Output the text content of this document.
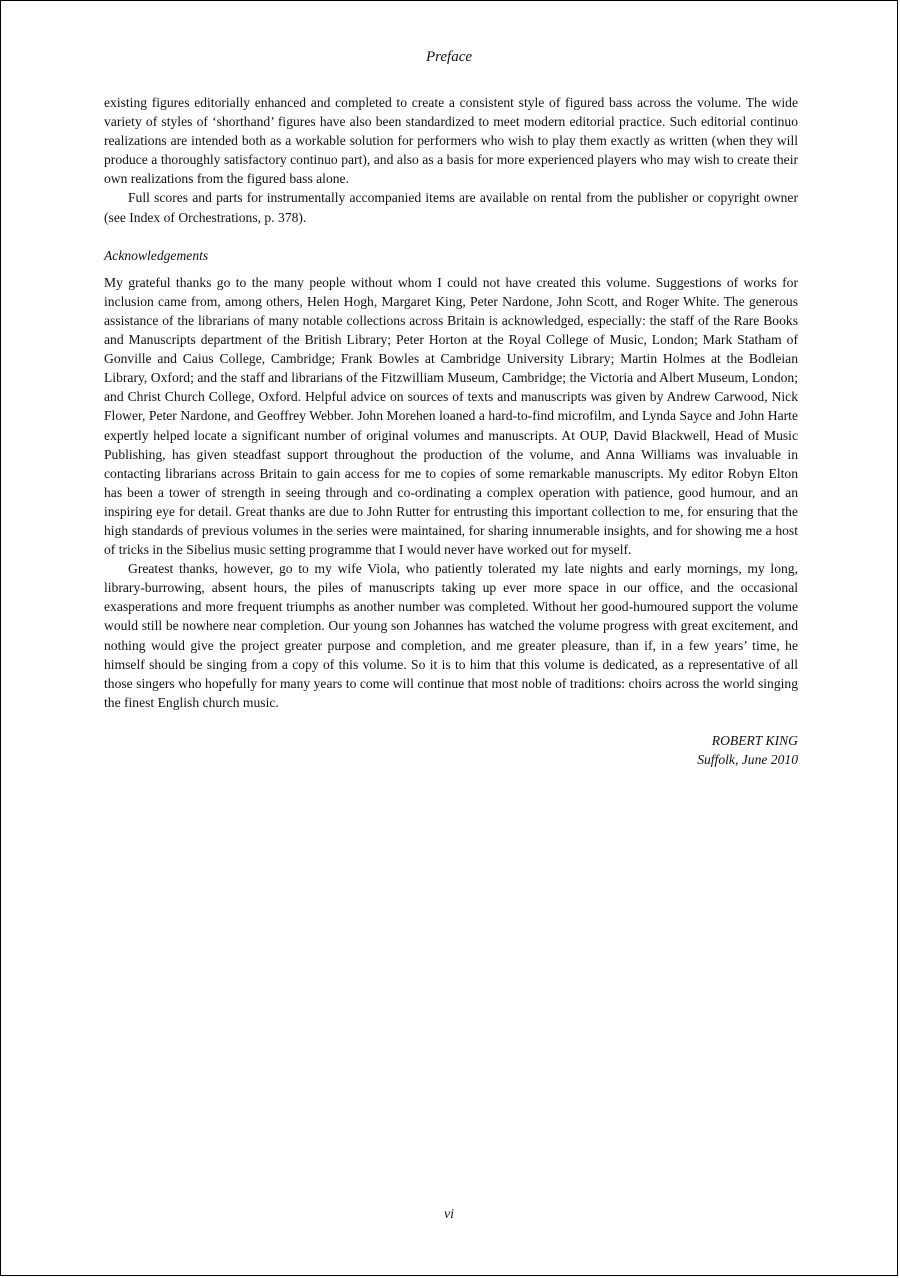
Preface

existing figures editorially enhanced and completed to create a consistent style of figured bass across the volume. The wide variety of styles of ‘shorthand’ figures have also been standardized to meet modern editorial practice. Such editorial continuo realizations are intended both as a workable solution for performers who wish to play them exactly as written (when they will produce a thoroughly satisfactory continuo part), and also as a basis for more experienced players who may wish to create their own realizations from the figured bass alone.

Full scores and parts for instrumentally accompanied items are available on rental from the publisher or copyright owner (see Index of Orchestrations, p. 378).

Acknowledgements

My grateful thanks go to the many people without whom I could not have created this volume. Suggestions of works for inclusion came from, among others, Helen Hogh, Margaret King, Peter Nardone, John Scott, and Roger White. The generous assistance of the librarians of many notable collections across Britain is acknowledged, especially: the staff of the Rare Books and Manuscripts department of the British Library; Peter Horton at the Royal College of Music, London; Mark Statham of Gonville and Caius College, Cambridge; Frank Bowles at Cambridge University Library; Martin Holmes at the Bodleian Library, Oxford; and the staff and librarians of the Fitzwilliam Museum, Cambridge; the Victoria and Albert Museum, London; and Christ Church College, Oxford. Helpful advice on sources of texts and manuscripts was given by Andrew Carwood, Nick Flower, Peter Nardone, and Geoffrey Webber. John Morehen loaned a hard-to-find microfilm, and Lynda Sayce and John Harte expertly helped locate a significant number of original volumes and manuscripts. At OUP, David Blackwell, Head of Music Publishing, has given steadfast support throughout the production of the volume, and Anna Williams was invaluable in contacting librarians across Britain to gain access for me to copies of some remarkable manuscripts. My editor Robyn Elton has been a tower of strength in seeing through and co-ordinating a complex operation with patience, good humour, and an inspiring eye for detail. Great thanks are due to John Rutter for entrusting this important collection to me, for ensuring that the high standards of previous volumes in the series were maintained, for sharing innumerable insights, and for showing me a host of tricks in the Sibelius music setting programme that I would never have worked out for myself.

Greatest thanks, however, go to my wife Viola, who patiently tolerated my late nights and early mornings, my long, library-burrowing, absent hours, the piles of manuscripts taking up ever more space in our office, and the occasional exasperations and more frequent triumphs as another number was completed. Without her good-humoured support the volume would still be nowhere near completion. Our young son Johannes has watched the volume progress with great excitement, and nothing would give the project greater purpose and completion, and me greater pleasure, than if, in a few years’ time, he himself should be singing from a copy of this volume. So it is to him that this volume is dedicated, as a representative of all those singers who hopefully for many years to come will continue that most noble of traditions: choirs across the world singing the finest English church music.

ROBERT KING
Suffolk, June 2010

vi
